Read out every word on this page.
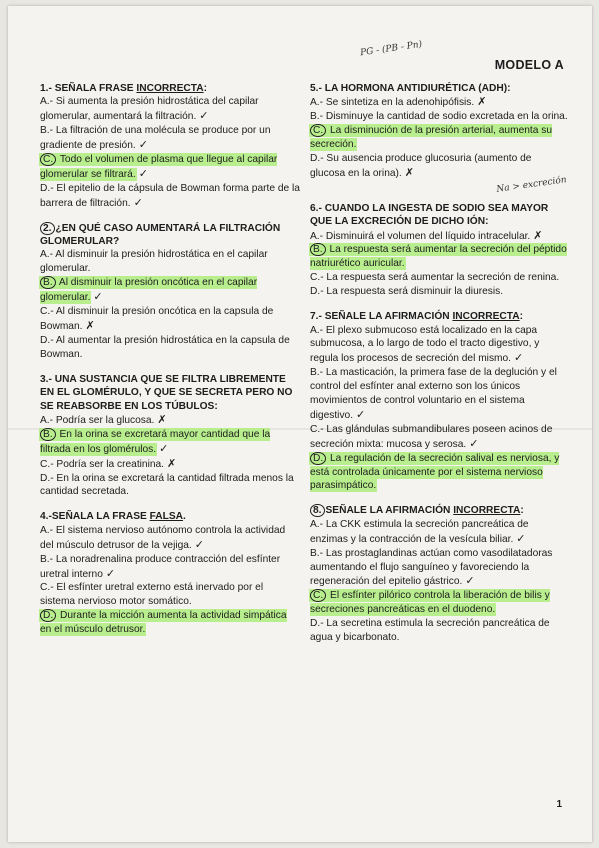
PG - (PB - Pn)
MODELO A
1.- SEÑALA FRASE INCORRECTA:
A.- Si aumenta la presión hidrostática del capilar glomerular, aumentará la filtración. ✓
B.- La filtración de una molécula se produce por un gradiente de presión. ✓
C. Todo el volumen de plasma que llegue al capilar glomerular se filtrará. ✓
D.- El epitelio de la cápsula de Bowman forma parte de la barrera de filtración. ✓
2. ¿EN QUÉ CASO AUMENTARÁ LA FILTRACIÓN GLOMERULAR?
A.- Al disminuir la presión hidrostática en el capilar glomerular.
B. Al disminuir la presión oncótica en el capilar glomerular. ✓
C.- Al disminuir la presión oncótica en la capsula de Bowman. ✗
D.- Al aumentar la presión hidrostática en la capsula de Bowman.
3.- UNA SUSTANCIA QUE SE FILTRA LIBREMENTE EN EL GLOMÉRULO, Y QUE SE SECRETA PERO NO SE REABSORBE EN LOS TÚBULOS:
A.- Podría ser la glucosa. ✗
B. En la orina se excretará mayor cantidad que la filtrada en los glomérulos. ✓
C.- Podría ser la creatinina. ✗
D.- En la orina se excretará la cantidad filtrada menos la cantidad secretada.
4.-SEÑALA LA FRASE FALSA.
A.- El sistema nervioso autónomo controla la actividad del músculo detrusor de la vejiga. ✓
B.- La noradrenalina produce contracción del esfínter uretral interno ✓
C.- El esfínter uretral externo está inervado por el sistema nervioso motor somático.
D. Durante la micción aumenta la actividad simpática en el músculo detrusor.
5.- LA HORMONA ANTIDIURÉTICA (ADH):
A.- Se sintetiza en la adenohipófisis. ✗
B.- Disminuye la cantidad de sodio excretada en la orina.
C. La disminución de la presión arterial, aumenta su secreción.
D.- Su ausencia produce glucosuria (aumento de glucosa en la orina). ✗
Na > excreción
6.- CUANDO LA INGESTA DE SODIO SEA MAYOR QUE LA EXCRECIÓN DE DICHO IÓN:
A.- Disminuirá el volumen del líquido intracelular. ✗
B. La respuesta será aumentar la secreción del péptido natriurético auricular.
C.- La respuesta será aumentar la secreción de renina.
D.- La respuesta será disminuir la diuresis.
7.- SEÑALE LA AFIRMACIÓN INCORRECTA:
A.- El plexo submucoso está localizado en la capa submucosa, a lo largo de todo el tracto digestivo, y regula los procesos de secreción del mismo. ✓
B.- La masticación, la primera fase de la deglución y el control del esfínter anal externo son los únicos movimientos de control voluntario en el sistema digestivo. ✓
C.- Las glándulas submandibulares poseen acinos de secreción mixta: mucosa y serosa. ✓
D. La regulación de la secreción salival es nerviosa, y está controlada únicamente por el sistema nervioso parasimpático.
8. SEÑALE LA AFIRMACIÓN INCORRECTA:
A.- La CKK estimula la secreción pancreática de enzimas y la contracción de la vesícula biliar. ✓
B.- Las prostaglandinas actúan como vasodilatadoras aumentando el flujo sanguíneo y favoreciendo la regeneración del epitelio gástrico. ✓
C. El esfínter pilórico controla la liberación de bilis y secreciones pancreáticas en el duodeno.
D.- La secretina estimula la secreción pancreática de agua y bicarbonato.
1
